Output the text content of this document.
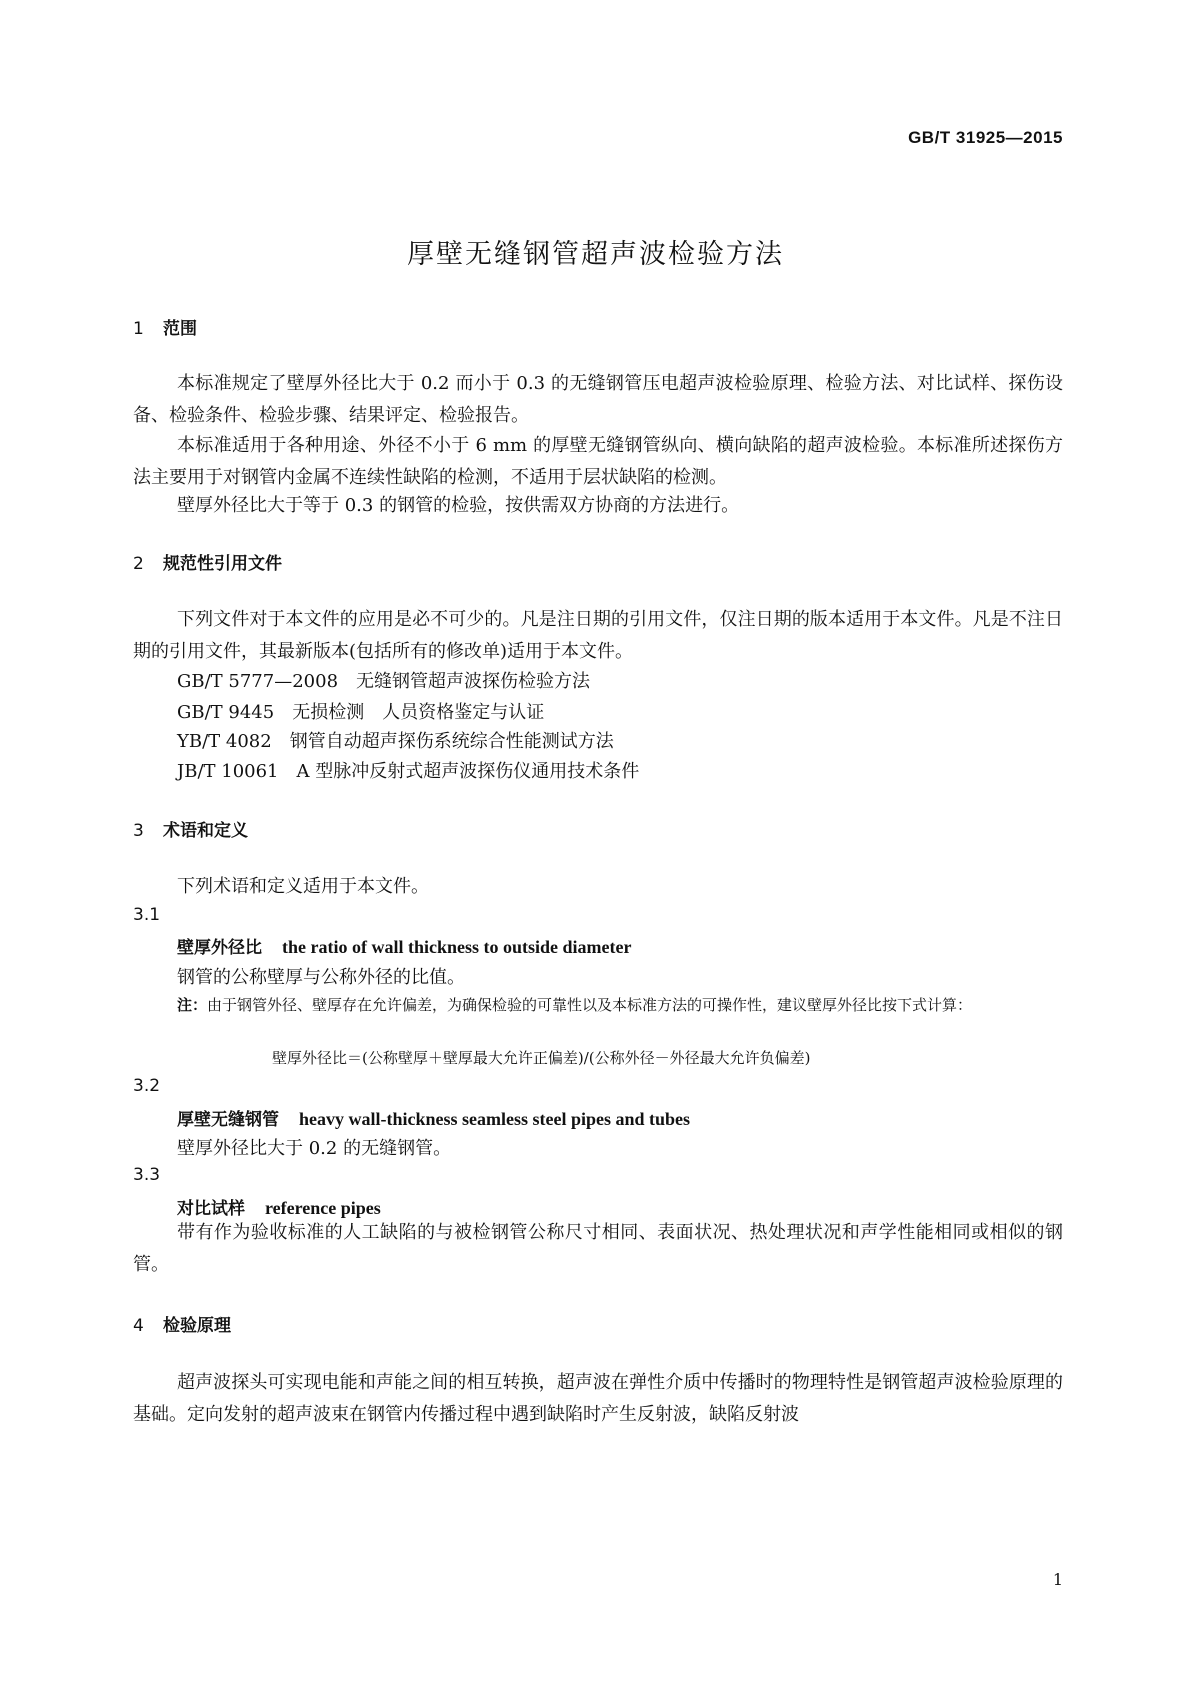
GB/T 31925—2015
厚壁无缝钢管超声波检验方法
1 范围
本标准规定了壁厚外径比大于 0.2 而小于 0.3 的无缝钢管压电超声波检验原理、检验方法、对比试样、探伤设备、检验条件、检验步骤、结果评定、检验报告。
本标准适用于各种用途、外径不小于 6 mm 的厚壁无缝钢管纵向、横向缺陷的超声波检验。本标准所述探伤方法主要用于对钢管内金属不连续性缺陷的检测，不适用于层状缺陷的检测。
壁厚外径比大于等于 0.3 的钢管的检验，按供需双方协商的方法进行。
2 规范性引用文件
下列文件对于本文件的应用是必不可少的。凡是注日期的引用文件，仅注日期的版本适用于本文件。凡是不注日期的引用文件，其最新版本(包括所有的修改单)适用于本文件。
GB/T 5777—2008 无缝钢管超声波探伤检验方法
GB/T 9445 无损检测　人员资格鉴定与认证
YB/T 4082 钢管自动超声探伤系统综合性能测试方法
JB/T 10061 A 型脉冲反射式超声波探伤仪通用技术条件
3 术语和定义
下列术语和定义适用于本文件。
3.1
壁厚外径比 the ratio of wall thickness to outside diameter
钢管的公称壁厚与公称外径的比值。
注：由于钢管外径、壁厚存在允许偏差，为确保检验的可靠性以及本标准方法的可操作性，建议壁厚外径比按下式计算：
壁厚外径比＝(公称壁厚＋壁厚最大允许正偏差)/(公称外径－外径最大允许负偏差)
3.2
厚壁无缝钢管 heavy wall-thickness seamless steel pipes and tubes
壁厚外径比大于 0.2 的无缝钢管。
3.3
对比试样 reference pipes
带有作为验收标准的人工缺陷的与被检钢管公称尺寸相同、表面状况、热处理状况和声学性能相同或相似的钢管。
4 检验原理
超声波探头可实现电能和声能之间的相互转换，超声波在弹性介质中传播时的物理特性是钢管超声波检验原理的基础。定向发射的超声波束在钢管内传播过程中遇到缺陷时产生反射波，缺陷反射波
1
